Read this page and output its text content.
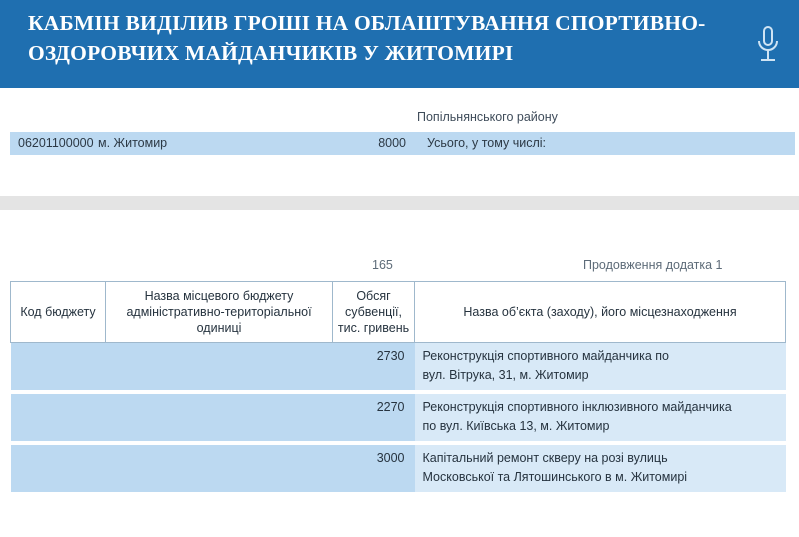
КАБМІН ВИДІЛИВ ГРОШІ НА ОБЛАШТУВАННЯ СПОРТИВНО-ОЗДОРОВЧИХ МАЙДАНЧИКІВ У ЖИТОМИРІ
Попільнянського району
06201100000 м. Житомир	8000 Усього, у тому числі:
165	Продовження додатка 1
Код бюджету	Назва місцевого бюджету адміністративно-територіальної одиниці	Обсяг субвенції, тис. гривень	Назва об’єкта (заходу), його місцезнаходження
		2730	Реконструкція спортивного майданчика по
вул. Вітрука, 31, м. Житомир

		2270	Реконструкція спортивного інклюзивного майданчика
по вул. Київська 13, м. Житомир

		3000	Капітальний ремонт скверу на розі вулиць
Московської та Лятошинського в м. Житомирі
